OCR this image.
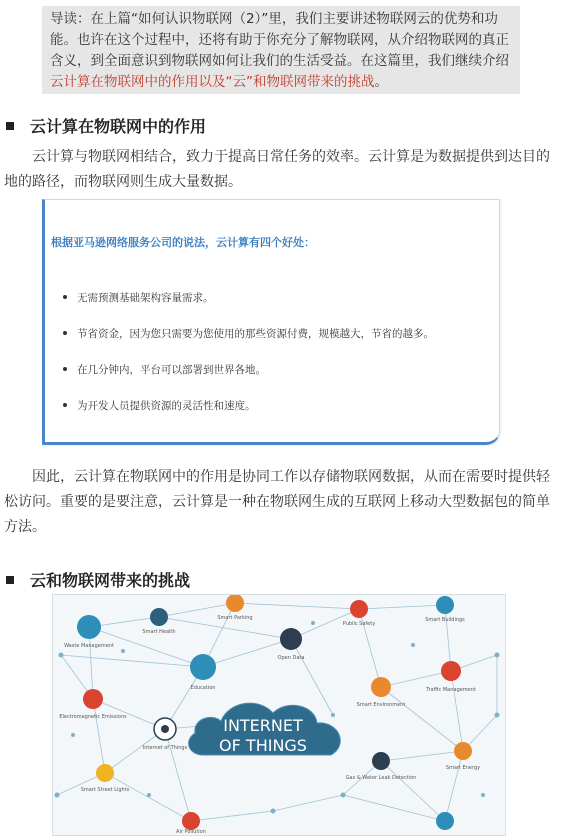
导读：在上篇“如何认识物联网（2）”里，我们主要讲述物联网云的优势和功能。也许在这个过程中，还将有助于你充分了解物联网，从介绍物联网的真正含义，到全面意识到物联网如何让我们的生活受益。在这篇里，我们继续介绍云计算在物联网中的作用以及“云”和物联网带来的挑战。
云计算在物联网中的作用
云计算与物联网相结合，致力于提高日常任务的效率。云计算是为数据提供到达目的地的路径，而物联网则生成大量数据。
根据亚马逊网络服务公司的说法，云计算有四个好处：
无需预测基础架构容量需求。
节省资金，因为您只需要为您使用的那些资源付费，规模越大，节省的越多。
在几分钟内，平台可以部署到世界各地。
为开发人员提供资源的灵活性和速度。
因此，云计算在物联网中的作用是协同工作以存储物联网数据，从而在需要时提供轻松访问。重要的是要注意，云计算是一种在物联网生成的互联网上移动大型数据包的简单方法。
云和物联网带来的挑战
INTERNET
OF THINGS
Smart Parking
Smart Health
Public Safety
Smart Buildings
Waste Management
Open Data
Traffic Management
Education
Smart Environment
Electromagnetic Emissions
Internet of Things
Smart Street Lights
Gas & Water Leak Detection
Smart Energy
Air Pollution
